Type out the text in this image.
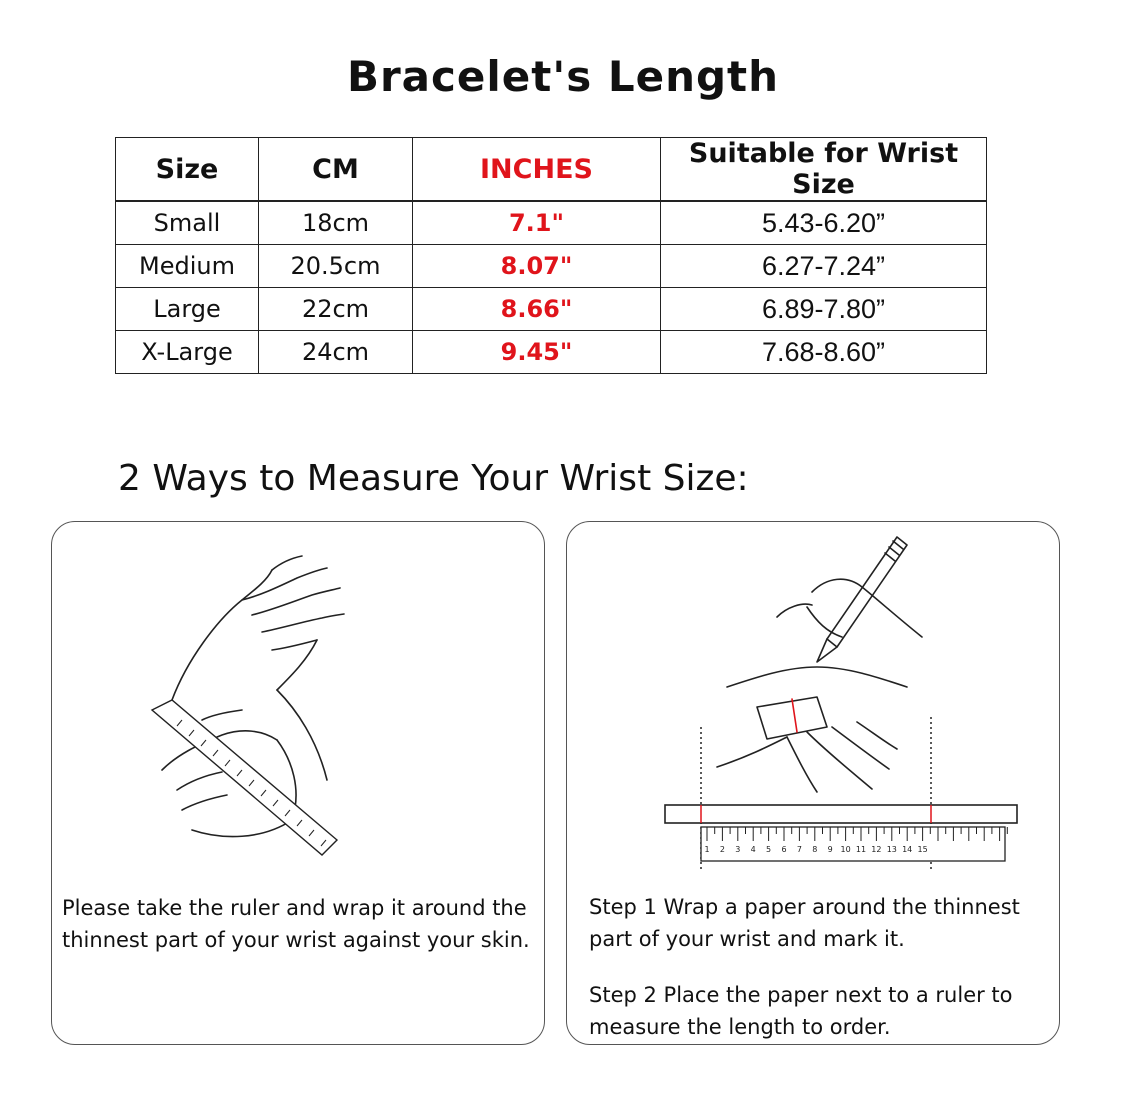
Bracelet's Length
Size	CM	INCHES	Suitable for Wrist Size
Small	18cm	7.1"	5.43-6.20”
Medium	20.5cm	8.07"	6.27-7.24”
Large	22cm	8.66"	6.89-7.80”
X-Large	24cm	9.45"	7.68-8.60”
2 Ways to Measure Your Wrist Size:

Please take the ruler and wrap it around the thinnest part of your wrist against your skin.

1 2 3 4 5 6 7 8 9 10 11 12 13 14 15

Step 1 Wrap a paper around the thinnest part of your wrist and mark it.

Step 2 Place the paper next to a ruler to measure the length to order.
